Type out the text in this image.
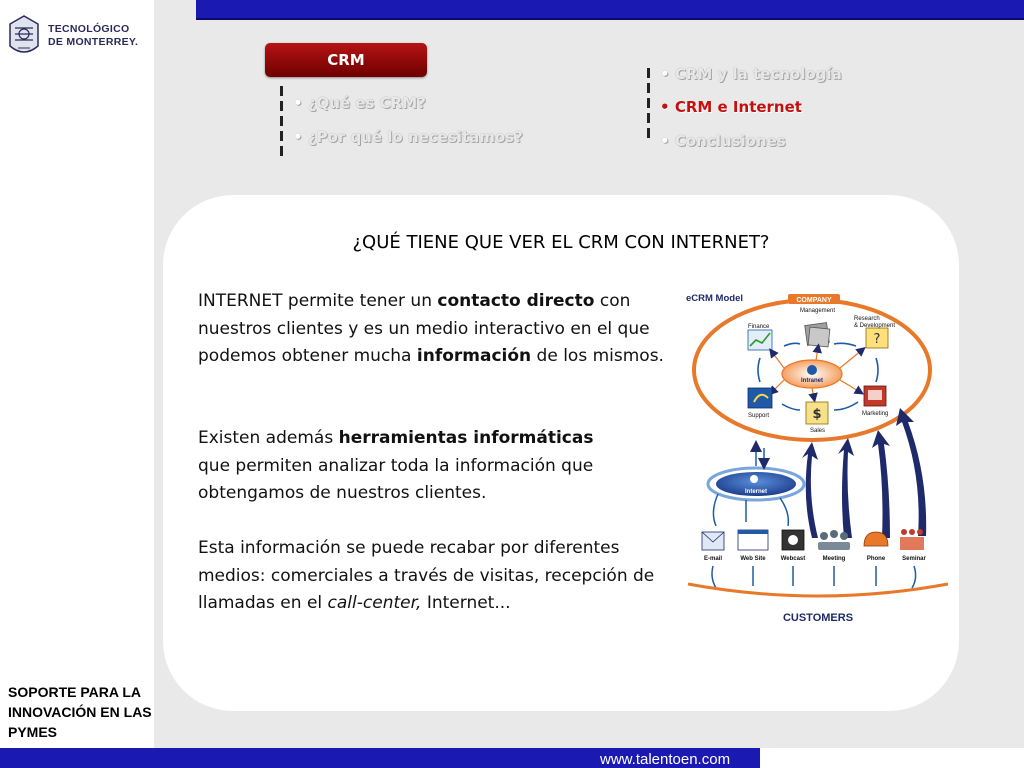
TECNOLÓGICO
DE MONTERREY.
CRM
• ¿Qué es CRM?
• ¿Por qué lo necesitamos?
• CRM y la tecnología
• CRM e Internet
• Conclusiones
¿QUÉ TIENE QUE VER EL CRM CON INTERNET?
INTERNET permite tener un contacto directo con nuestros clientes y es un medio interactivo en el que podemos obtener mucha información de los mismos.
Existen además herramientas informáticas
que permiten analizar toda la información que obtengamos de nuestros clientes.
Esta información se puede recabar por diferentes medios: comerciales a través de visitas, recepción de llamadas en el call-center, Internet...
eCRM Model	COMPANY
Management
?
Research
& Development
Finance
Intranet
Support	$
Sales
Marketing
Internet
E-mail	Web Site	Webcast	Meeting	Phone	Seminar
CUSTOMERS
SOPORTE PARA LA INNOVACIÓN EN LAS PYMES
www.talentoen.com
